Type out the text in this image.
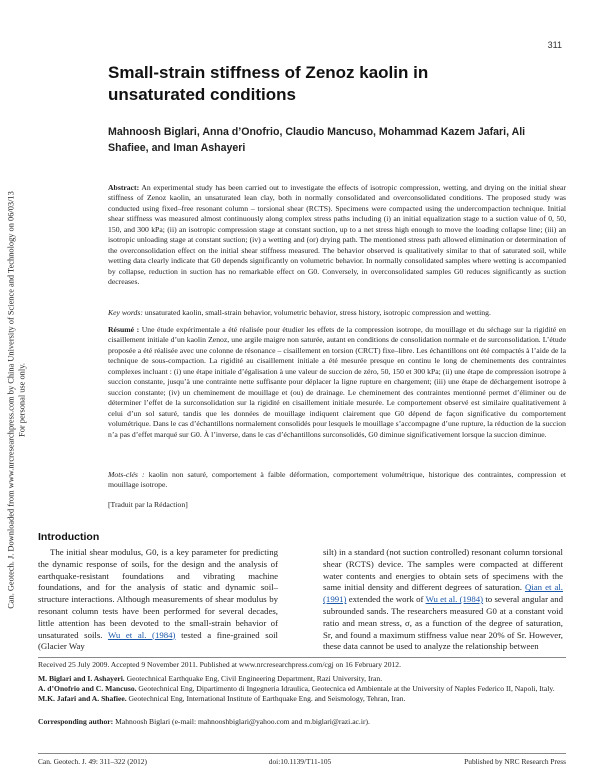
Can. Geotech. J. Downloaded from www.nrcresearchpress.com by China University of Science and Technology on 06/03/13 For personal use only.
311
Small-strain stiffness of Zenoz kaolin in unsaturated conditions
Mahnoosh Biglari, Anna d’Onofrio, Claudio Mancuso, Mohammad Kazem Jafari, Ali Shafiee, and Iman Ashayeri
Abstract: An experimental study has been carried out to investigate the effects of isotropic compression, wetting, and drying on the initial shear stiffness of Zenoz kaolin, an unsaturated lean clay, both in normally consolidated and overconsolidated conditions. The proposed study was conducted using fixed–free resonant column – torsional shear (RCTS). Specimens were compacted using the undercompaction technique. Initial shear stiffness was measured almost continuously along complex stress paths including (i) an initial equalization stage to a suction value of 0, 50, 150, and 300 kPa; (ii) an isotropic compression stage at constant suction, up to a net stress high enough to move the loading collapse line; (iii) an isotropic unloading stage at constant suction; (iv) a wetting and (or) drying path. The mentioned stress path allowed elimination or determination of the overconsolidation effect on the initial shear stiffness measured. The behavior observed is qualitatively similar to that of saturated soil, while wetting data clearly indicate that G0 depends significantly on volumetric behavior. In normally consolidated samples where wetting is accompanied by collapse, reduction in suction has no remarkable effect on G0. Conversely, in overconsolidated samples G0 reduces significantly as suction decreases.
Key words: unsaturated kaolin, small-strain behavior, volumetric behavior, stress history, isotropic compression and wetting.
Résumé : Une étude expérimentale a été réalisée pour étudier les effets de la compression isotrope, du mouillage et du séchage sur la rigidité en cisaillement initiale d’un kaolin Zenoz, une argile maigre non saturée, autant en conditions de consolidation normale et de surconsolidation. L’étude proposée a été réalisée avec une colonne de résonance – cisaillement en torsion (CRCT) fixe–libre. Les échantillons ont été compactés à l’aide de la technique de sous-compaction. La rigidité au cisaillement initiale a été mesurée presque en continu le long de cheminements des contraintes complexes incluant : (i) une étape initiale d’égalisation à une valeur de succion de zéro, 50, 150 et 300 kPa; (ii) une étape de compression isotrope à succion constante, jusqu’à une contrainte nette suffisante pour déplacer la ligne rupture en chargement; (iii) une étape de déchargement isotrope à succion constante; (iv) un cheminement de mouillage et (ou) de drainage. Le cheminement des contraintes mentionné permet d’éliminer ou de déterminer l’effet de la surconsolidation sur la rigidité en cisaillement initiale mesurée. Le comportement observé est similaire qualitativement à celui d’un sol saturé, tandis que les données de mouillage indiquent clairement que G0 dépend de façon significative du comportement volumétrique. Dans le cas d’échantillons normalement consolidés pour lesquels le mouillage s’accompagne d’une rupture, la réduction de la succion n’a pas d’effet marqué sur G0. À l’inverse, dans le cas d’échantillons surconsolidés, G0 diminue significativement lorsque la succion diminue.
Mots-clés : kaolin non saturé, comportement à faible déformation, comportement volumétrique, historique des contraintes, compression et mouillage isotrope.
[Traduit par la Rédaction]
Introduction
The initial shear modulus, G0, is a key parameter for predicting the dynamic response of soils, for the design and the analysis of earthquake-resistant foundations and vibrating machine foundations, and for the analysis of static and dynamic soil–structure interactions. Although measurements of shear modulus by resonant column tests have been performed for several decades, little attention has been devoted to the small-strain behavior of unsaturated soils. Wu et al. (1984) tested a fine-grained soil (Glacier Way
silt) in a standard (not suction controlled) resonant column torsional shear (RCTS) device. The samples were compacted at different water contents and energies to obtain sets of specimens with the same initial density and different degrees of saturation. Qian et al. (1991) extended the work of Wu et al. (1984) to several angular and subrounded sands. The researchers measured G0 at a constant void ratio and mean stress, σ, as a function of the degree of saturation, Sr, and found a maximum stiffness value near 20% of Sr. However, these data cannot be used to analyze the relationship between
Received 25 July 2009. Accepted 9 November 2011. Published at www.nrcresearchpress.com/cgj on 16 February 2012.
M. Biglari and I. Ashayeri. Geotechnical Earthquake Eng, Civil Engineering Department, Razi University, Iran.
A. d’Onofrio and C. Mancuso. Geotechnical Eng, Dipartimento di Ingegneria Idraulica, Geotecnica ed Ambientale at the University of Naples Federico II, Napoli, Italy.
M.K. Jafari and A. Shafiee. Geotechnical Eng, International Institute of Earthquake Eng. and Seismology, Tehran, Iran.
Corresponding author: Mahnoosh Biglari (e-mail: mahnooshbiglari@yahoo.com and m.biglari@razi.ac.ir).
Can. Geotech. J. 49: 311–322 (2012)	doi:10.1139/T11-105	Published by NRC Research Press
